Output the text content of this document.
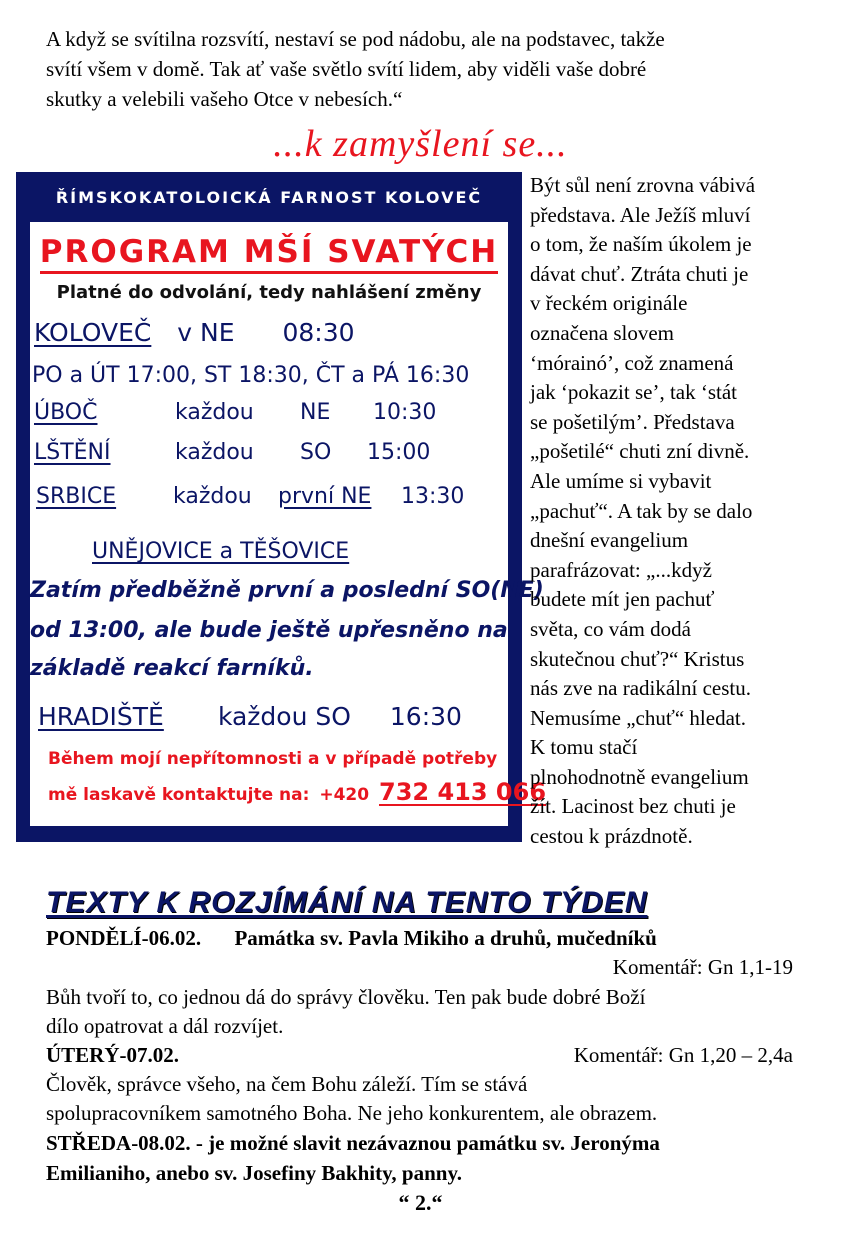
A když se svítilna rozsvítí, nestaví se pod nádobu, ale na podstavec, takže
svítí všem v domě. Tak ať vaše světlo svítí lidem, aby viděli vaše dobré
skutky a velebili vašeho Otce v nebesích.“
...k zamyšlení se...
ŘÍMSKOKATOLOICKÁ FARNOST KOLOVEČ
PROGRAM MŠÍ SVATÝCH
Platné do odvolání, tedy nahlášení změny
KOLOVEČ v NE 08:30
PO a ÚT 17:00, ST 18:30, ČT a PÁ 16:30
ÚBOČ	každou NE 10:30
LŠTĚNÍ	každou SO 15:00
SRBICE	každou první NE 13:30
UNĚJOVICE a TĚŠOVICE
Zatím předběžně první a poslední SO(NE)
od 13:00, ale bude ještě upřesněno na
základě reakcí farníků.
HRADIŠTĚ každou SO 16:30
Během mojí nepřítomnosti a v případě potřeby
mě laskavě kontaktujte na: +420 732 413 066

Být sůl není zrovna vábivá

představa. Ale Ježíš mluví

o tom, že naším úkolem je

dávat chuť. Ztráta chuti je

v řeckém originále

označena slovem

‘mórainó’, což znamená

jak ‘pokazit se’, tak ‘stát

se pošetilým’. Představa

„pošetilé“ chuti zní divně.

Ale umíme si vybavit

„pachuť“. A tak by se dalo

dnešní evangelium

parafrázovat: „...když

budete mít jen pachuť

světa, co vám dodá

skutečnou chuť?“ Kristus

nás zve na radikální cestu.

Nemusíme „chuť“ hledat.

K tomu stačí

plnohodnotně evangelium

žít. Lacinost bez chuti je

cestou k prázdnotě.

TEXTY K ROZJÍMÁNÍ NA TENTO TÝDEN
PONDĚLÍ-06.02. Památka sv. Pavla Mikiho a druhů, mučedníků
Komentář: Gn 1,1-19
Bůh tvoří to, co jednou dá do správy člověku. Ten pak bude dobré Boží
dílo opatrovat a dál rozvíjet.
ÚTERÝ-07.02.	Komentář: Gn 1,20 – 2,4a
Člověk, správce všeho, na čem Bohu záleží. Tím se stává
spolupracovníkem samotného Boha. Ne jeho konkurentem, ale obrazem.
STŘEDA-08.02. - je možné slavit nezávaznou památku sv. Jeronýma
Emilianiho, anebo sv. Josefiny Bakhity, panny.
“ 2.“
